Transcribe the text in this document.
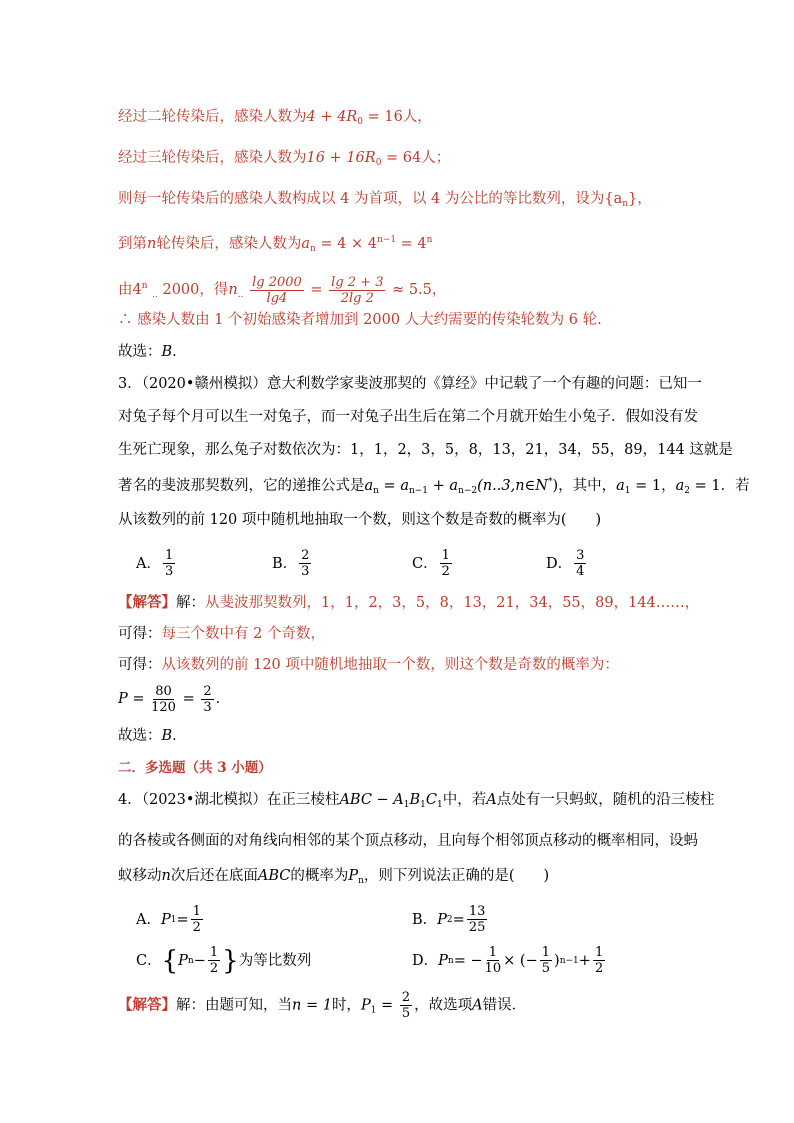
经过二轮传染后，感染人数为$4 + 4R_0 = 16$人，
经过三轮传染后，感染人数为$16 + 16R_0 = 64$人；
则每一轮传染后的感染人数构成以 4 为首项，以 4 为公比的等比数列，设为$\{a_n\}$，
到第n轮传染后，感染人数为$a_n = 4 \times 4^{n-1} = 4^n$
由4$^n$ $_{..}$ 2000，得$n_{..} \frac{\lg 2000}{\lg 4} = \frac{\lg 2 + 3}{2\lg 2} \approx 5.5$，
∴ 感染人数由 1 个初始感染者增加到 2000 人大约需要的传染轮数为 6 轮.
故选：B.
3．（2020•赣州模拟）意大利数学家斐波那契的《算经》中记载了一个有趣的问题：已知一
对兔子每个月可以生一对兔子，而一对兔子出生后在第二个月就开始生小兔子．假如没有发
生死亡现象，那么兔子对数依次为：1，1，2，3，5，8，13，21，34，55，89，144 这就是
著名的斐波那契数列，它的递推公式是$a_n = a_{n-1}$ + $a_{n-2}(n..3,n\in N^*)$，其中，$a_1 = 1$，$a_2 = 1$．若
从该数列的前 120 项中随机地抽取一个数，则这个数是奇数的概率为(　　)
A． $\frac{1}{3}$	B． $\frac{2}{3}$	C． $\frac{1}{2}$	D． $\frac{3}{4}$
【解答】解：从斐波那契数列，1，1，2，3，5，8，13，21，34，55，89，144……，
可得：每三个数中有 2 个奇数，
可得：从该数列的前 120 项中随机地抽取一个数，则这个数是奇数的概率为：
$P = \frac{80}{120} = \frac{2}{3}$ ．
故选：B．
二．多选题（共 3 小题）
4．（2023•湖北模拟）在正三棱柱ABC − $A_1B_1C_1$中，若A点处有一只蚂蚁，随机的沿三棱柱
的各棱或各侧面的对角线向相邻的某个顶点移动，且向每个相邻顶点移动的概率相同，设蚂
蚁移动n次后还在底面ABC的概率为$P_n$，则下列说法正确的是(　　)
A． P $1 = \frac{1}{2}$	B． P $2 = \frac{13}{25}$
C． { P $n - \frac{1}{2}$ } 为等比数列	D． P n = − $\frac{1}{10}$ × (− $\frac{1}{5}$ ) $n-1 + \frac{1}{2}$
【解答】解：由题可知，当n = 1时，$P_1 = \frac{2}{5}$ ，故选项A错误．
